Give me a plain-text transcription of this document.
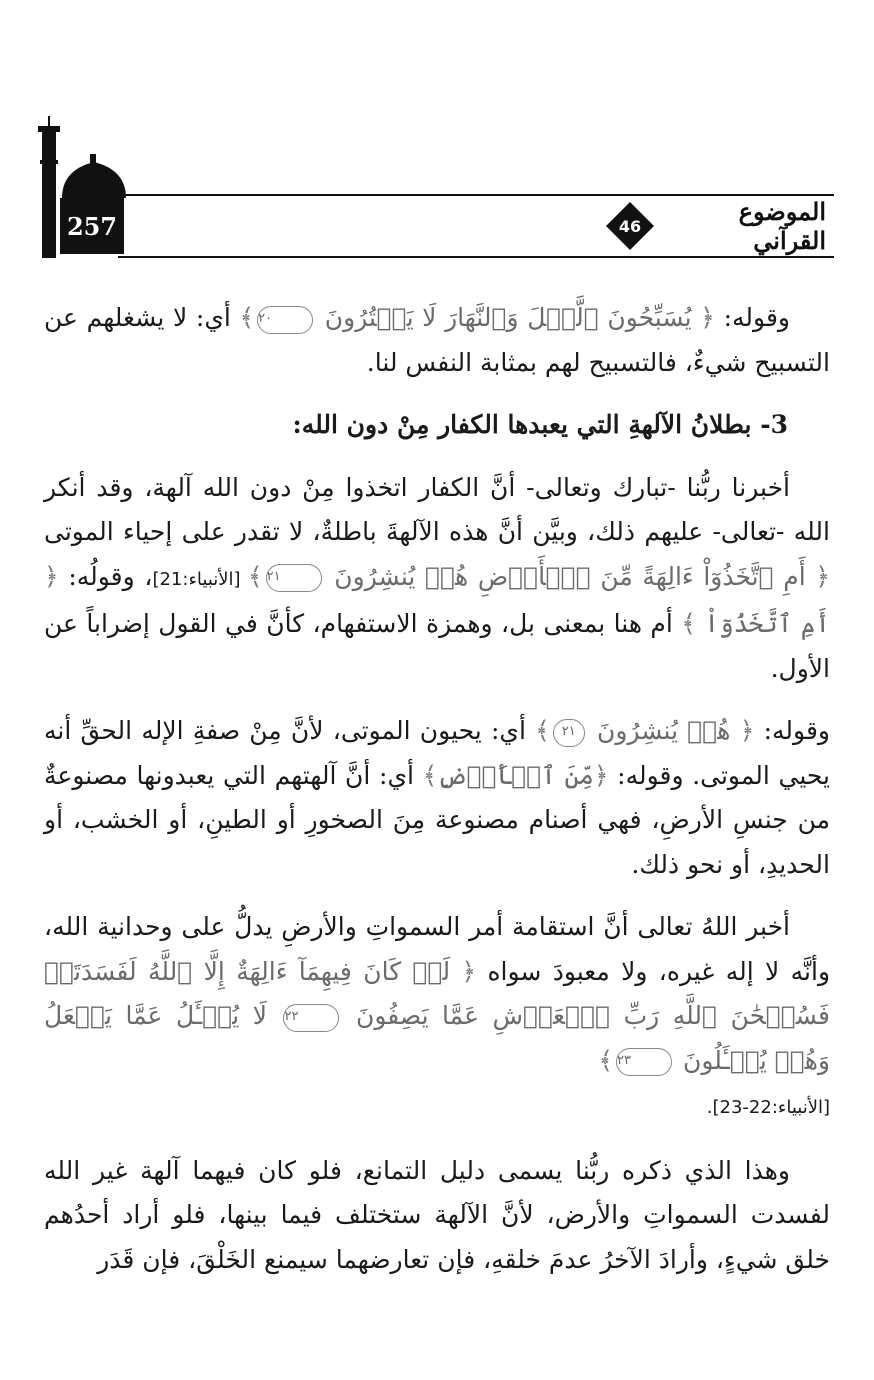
257	46	الموضوع القرآني

وقوله: ﴿ يُسَبِّحُونَ ٱلَّيۡلَ وَٱلنَّهَارَ لَا يَفۡتُرُونَ ٢٠﴾ أي: لا يشغلهم عن التسبيح شيءٌ، فالتسبيح لهم بمثابة النفس لنا.

3- بطلانُ الآلهةِ التي يعبدها الكفار مِنْ دون الله:

أخبرنا ربُّنا -تبارك وتعالى- أنَّ الكفار اتخذوا مِنْ دون الله آلهة، وقد أنكر الله -تعالى- عليهم ذلك، وبيَّن أنَّ هذه الآلهةَ باطلةٌ، لا تقدر على إحياء الموتى ﴿ أَمِ ٱتَّخَذُوٓاْ ءَالِهَةً مِّنَ ٱلۡأَرۡضِ هُمۡ يُنشِرُونَ ٢١﴾ [الأنبياء:21]، وقولُه: ﴿ أَمِ ٱتَّخَذُوٓاْ ﴾ أم هنا بمعنى بل، وهمزة الاستفهام، كأنَّ في القول إضراباً عن الأول.

وقوله: ﴿ هُمۡ يُنشِرُونَ ٢١﴾ أي: يحيون الموتى، لأنَّ مِنْ صفةِ الإله الحقِّ أنه يحيي الموتى. وقوله: ﴿مِّنَ ٱلۡأَرۡضِ﴾ أي: أنَّ آلهتهم التي يعبدونها مصنوعةٌ من جنسِ الأرضِ، فهي أصنام مصنوعة مِنَ الصخورِ أو الطينِ، أو الخشب، أو الحديدِ، أو نحو ذلك.

أخبر اللهُ تعالى أنَّ استقامة أمر السمواتِ والأرضِ يدلُّ على وحدانية الله، وأنَّه لا إله غيره، ولا معبودَ سواه ﴿ لَوۡ كَانَ فِيهِمَآ ءَالِهَةٌ إِلَّا ٱللَّهُ لَفَسَدَتَاۚ فَسُبۡحَٰنَ ٱللَّهِ رَبِّ ٱلۡعَرۡشِ عَمَّا يَصِفُونَ ٢٢ لَا يُسۡـَٔلُ عَمَّا يَفۡعَلُ وَهُمۡ يُسۡـَٔلُونَ ٢٣﴾
[الأنبياء:22-23].

وهذا الذي ذكره ربُّنا يسمى دليل التمانع، فلو كان فيهما آلهة غير الله لفسدت السمواتِ والأرض، لأنَّ الآلهة ستختلف فيما بينها، فلو أراد أحدُهم خلق شيءٍ، وأرادَ الآخرُ عدمَ خلقهِ، فإن تعارضهما سيمنع الخَلْقَ، فإن قَدَر
